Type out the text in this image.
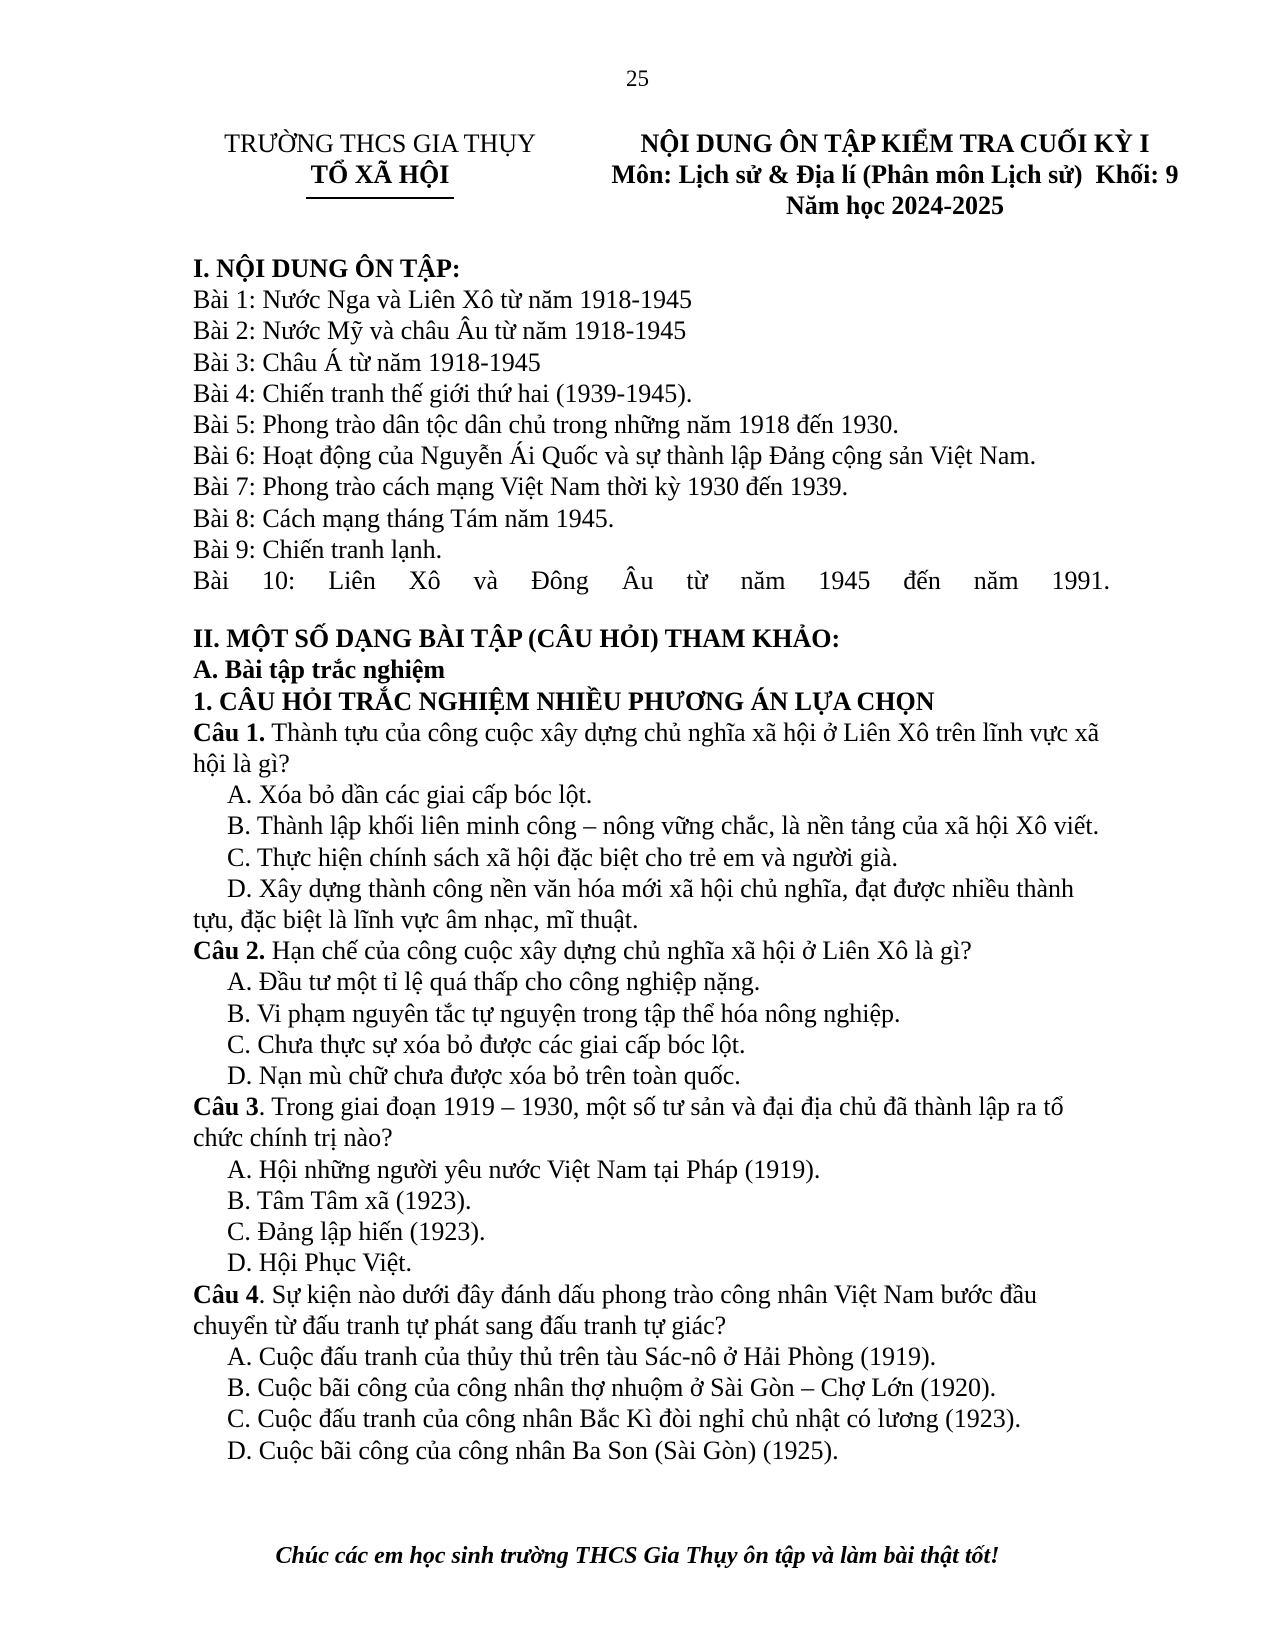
25
TRƯỜNG THCS GIA THỤY
TỔ XÃ HỘI
NỘI DUNG ÔN TẬP KIỂM TRA CUỐI KỲ I
Môn: Lịch sử & Địa lí (Phân môn Lịch sử)  Khối: 9
Năm học 2024-2025
I. NỘI DUNG ÔN TẬP:
Bài 1: Nước Nga và Liên Xô từ năm 1918-1945
Bài 2: Nước Mỹ và châu Âu từ năm 1918-1945
Bài 3: Châu Á từ năm 1918-1945
Bài 4: Chiến tranh thế giới thứ hai (1939-1945).
Bài 5: Phong trào dân tộc dân chủ trong những năm 1918 đến 1930.
Bài 6: Hoạt động của Nguyễn Ái Quốc và sự thành lập Đảng cộng sản Việt Nam.
Bài 7: Phong trào cách mạng Việt Nam thời kỳ 1930 đến 1939.
Bài 8: Cách mạng tháng Tám năm 1945.
Bài 9: Chiến tranh lạnh.
Bài 10: Liên Xô và Đông Âu từ năm 1945 đến năm 1991.
II. MỘT SỐ DẠNG BÀI TẬP (CÂU HỎI) THAM KHẢO:
A. Bài tập trắc nghiệm
1. CÂU HỎI TRẮC NGHIỆM NHIỀU PHƯƠNG ÁN LỰA CHỌN
Câu 1. Thành tựu của công cuộc xây dựng chủ nghĩa xã hội ở Liên Xô trên lĩnh vực xã hội là gì?
A. Xóa bỏ dần các giai cấp bóc lột.
B. Thành lập khối liên minh công – nông vững chắc, là nền tảng của xã hội Xô viết.
C. Thực hiện chính sách xã hội đặc biệt cho trẻ em và người già.
D. Xây dựng thành công nền văn hóa mới xã hội chủ nghĩa, đạt được nhiều thành tựu, đặc biệt là lĩnh vực âm nhạc, mĩ thuật.
Câu 2. Hạn chế của công cuộc xây dựng chủ nghĩa xã hội ở Liên Xô là gì?
A. Đầu tư một tỉ lệ quá thấp cho công nghiệp nặng.
B. Vi phạm nguyên tắc tự nguyện trong tập thể hóa nông nghiệp.
C. Chưa thực sự xóa bỏ được các giai cấp bóc lột.
D. Nạn mù chữ chưa được xóa bỏ trên toàn quốc.
Câu 3. Trong giai đoạn 1919 – 1930, một số tư sản và đại địa chủ đã thành lập ra tổ chức chính trị nào?
A. Hội những người yêu nước Việt Nam tại Pháp (1919).
B. Tâm Tâm xã (1923).
C. Đảng lập hiến (1923).
D. Hội Phục Việt.
Câu 4. Sự kiện nào dưới đây đánh dấu phong trào công nhân Việt Nam bước đầu chuyển từ đấu tranh tự phát sang đấu tranh tự giác?
A. Cuộc đấu tranh của thủy thủ trên tàu Sác-nô ở Hải Phòng (1919).
B. Cuộc bãi công của công nhân thợ nhuộm ở Sài Gòn – Chợ Lớn (1920).
C. Cuộc đấu tranh của công nhân Bắc Kì đòi nghỉ chủ nhật có lương (1923).
D. Cuộc bãi công của công nhân Ba Son (Sài Gòn) (1925).
Chúc các em học sinh trường THCS Gia Thụy ôn tập và làm bài thật tốt!
